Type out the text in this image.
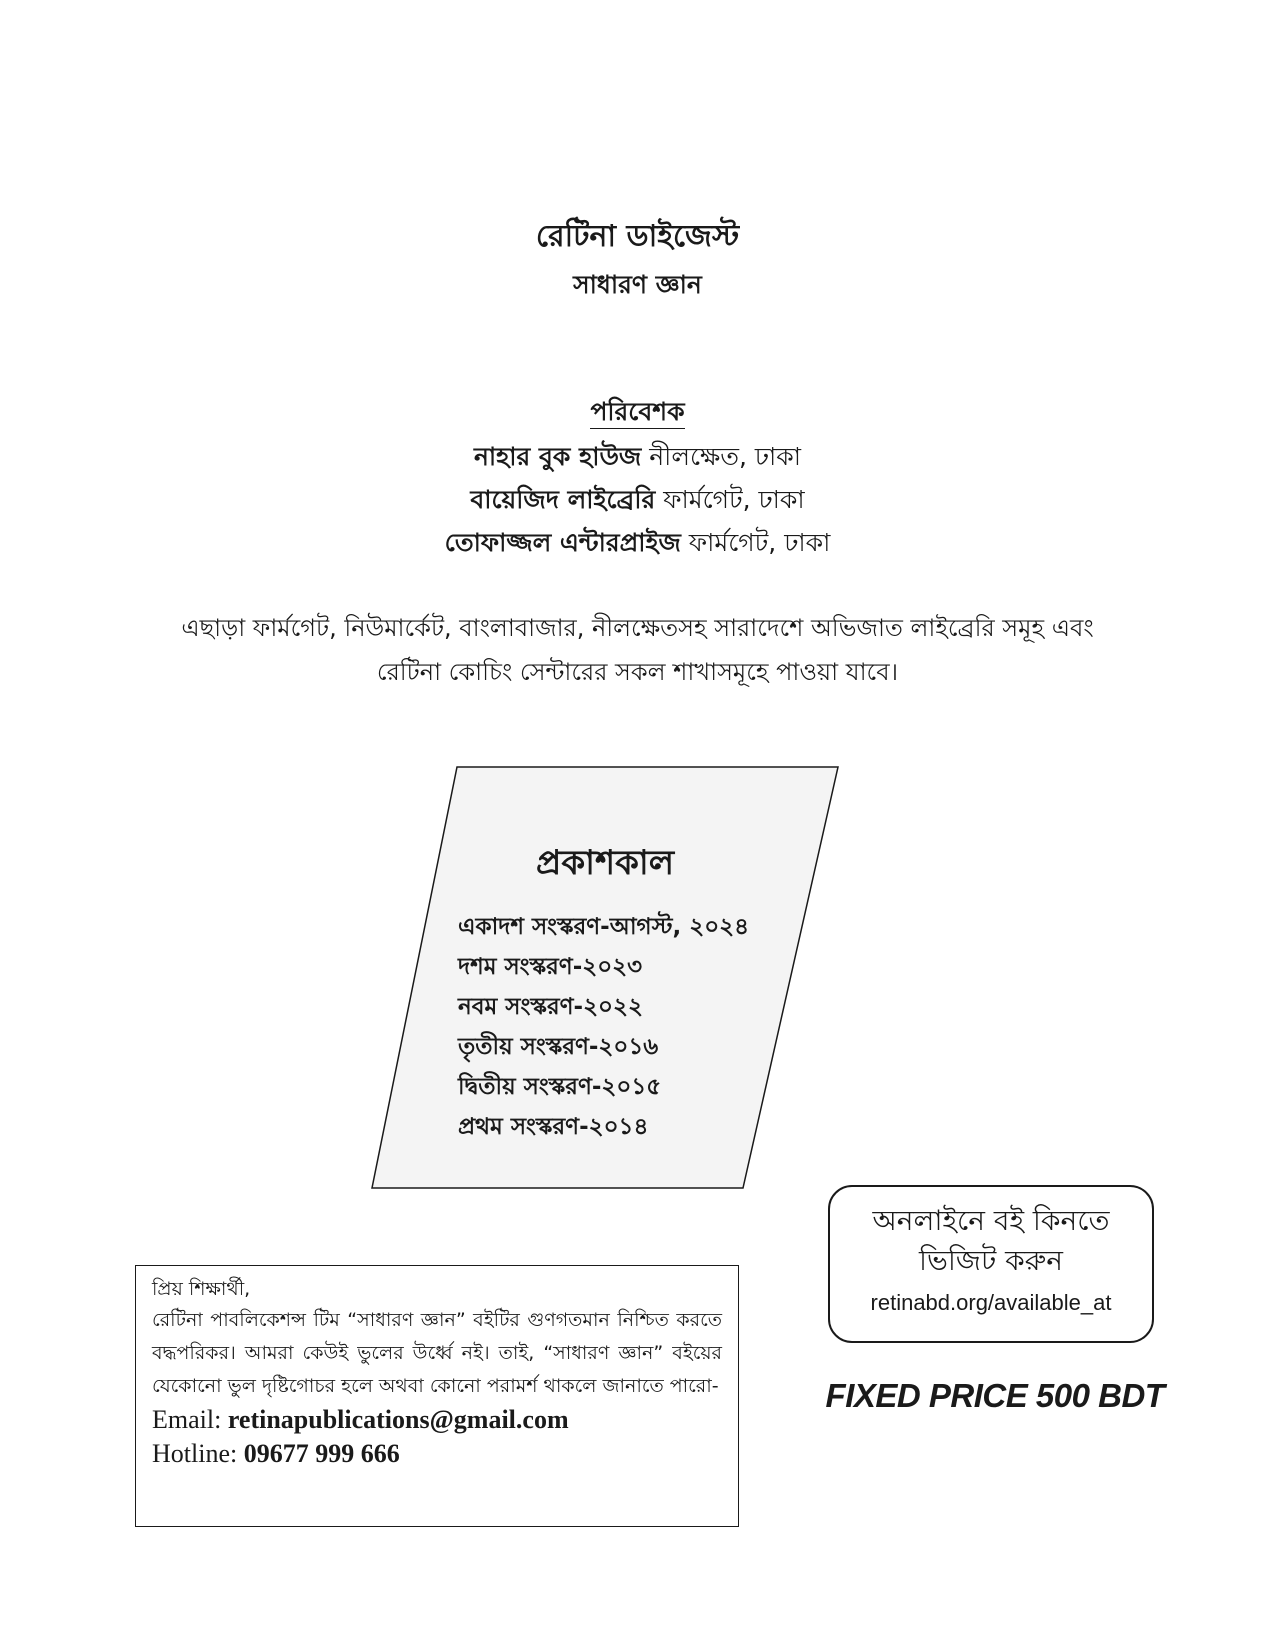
রেটিনা ডাইজেস্ট
সাধারণ জ্ঞান
পরিবেশক
নাহার বুক হাউজ নীলক্ষেত, ঢাকা
বায়েজিদ লাইব্রেরি ফার্মগেট, ঢাকা
তোফাজ্জল এন্টারপ্রাইজ ফার্মগেট, ঢাকা
এছাড়া ফার্মগেট, নিউমার্কেট, বাংলাবাজার, নীলক্ষেতসহ সারাদেশে অভিজাত লাইব্রেরি সমূহ এবং
রেটিনা কোচিং সেন্টারের সকল শাখাসমূহে পাওয়া যাবে।
প্রকাশকাল
একাদশ সংস্করণ-আগস্ট, ২০২৪
দশম সংস্করণ-২০২৩
নবম সংস্করণ-২০২২
তৃতীয় সংস্করণ-২০১৬
দ্বিতীয় সংস্করণ-২০১৫
প্রথম সংস্করণ-২০১৪
অনলাইনে বই কিনতে
ভিজিট করুন
retinabd.org/available_at
FIXED PRICE 500 BDT
প্রিয় শিক্ষার্থী,
রেটিনা পাবলিকেশন্স টিম “সাধারণ জ্ঞান” বইটির গুণগতমান নিশ্চিত করতে বদ্ধপরিকর। আমরা কেউই ভুলের উর্ধ্বে নই। তাই, “সাধারণ জ্ঞান” বইয়ের যেকোনো ভুল দৃষ্টিগোচর হলে অথবা কোনো পরামর্শ থাকলে জানাতে পারো-
Email: retinapublications@gmail.com
Hotline: 09677 999 666
